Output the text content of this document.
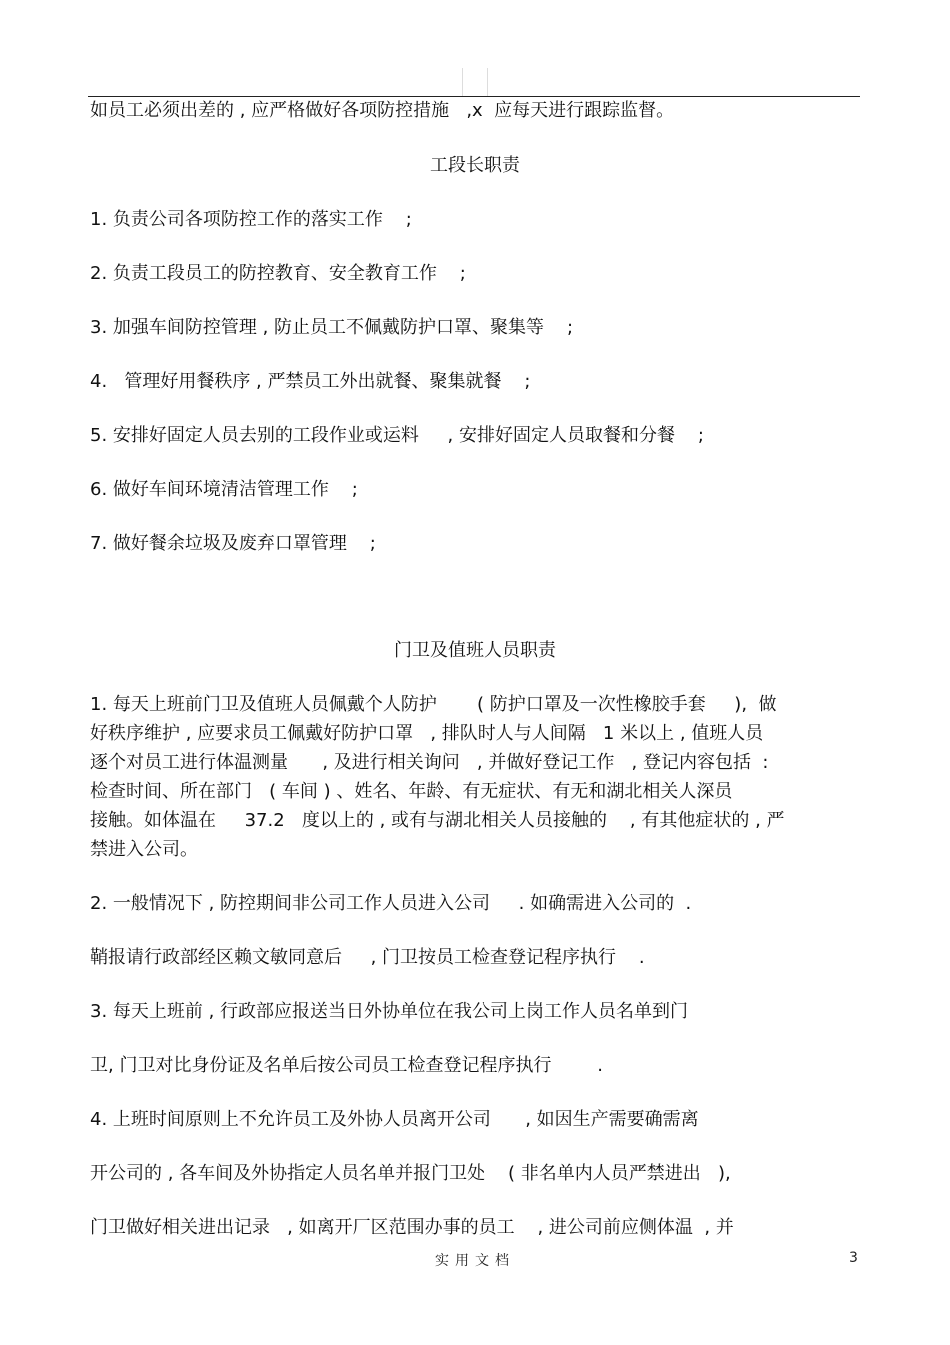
如员工必须出差的 , 应严格做好各项防控措施   ,x  应每天进行跟踪监督。
工段长职责
1. 负责公司各项防控工作的落实工作    ;
2. 负责工段员工的防控教育、安全教育工作    ;
3. 加强车间防控管理 , 防止员工不佩戴防护口罩、聚集等    ;
4.   管理好用餐秩序 , 严禁员工外出就餐、聚集就餐    ;
5. 安排好固定人员去别的工段作业或运料     , 安排好固定人员取餐和分餐    ;
6. 做好车间环境清洁管理工作    ;
7. 做好餐余垃圾及废弃口罩管理    ;
门卫及值班人员职责
1. 每天上班前门卫及值班人员佩戴个人防护       ( 防护口罩及一次性橡胶手套     ),  做
好秩序维护 , 应要求员工佩戴好防护口罩   , 排队时人与人间隔   1 米以上 , 值班人员
逐个对员工进行体温测量      , 及进行相关询问   , 并做好登记工作   , 登记内容包括  :
检查时间、所在部门   ( 车间 ) 、姓名、年龄、有无症状、有无和湖北相关人深员
接触。如体温在     37.2   度以上的 , 或有与湖北相关人员接触的    , 有其他症状的 , 严
禁进入公司。
2. 一般情况下 , 防控期间非公司工作人员进入公司     . 如确需进入公司的  .
鞘报请行政部经区赖文敏同意后     , 门卫按员工检查登记程序执行    .
3. 每天上班前 , 行政部应报送当日外协单位在我公司上岗工作人员名单到门
卫, 门卫对比身份证及名单后按公司员工检查登记程序执行        .
4. 上班时间原则上不允许员工及外协人员离开公司      , 如因生产需要确需离
开公司的 , 各车间及外协指定人员名单并报门卫处    ( 非名单内人员严禁进出   ),
门卫做好相关进出记录   , 如离开厂区范围办事的员工    , 进公司前应侧体温  , 并
实用文档	3
